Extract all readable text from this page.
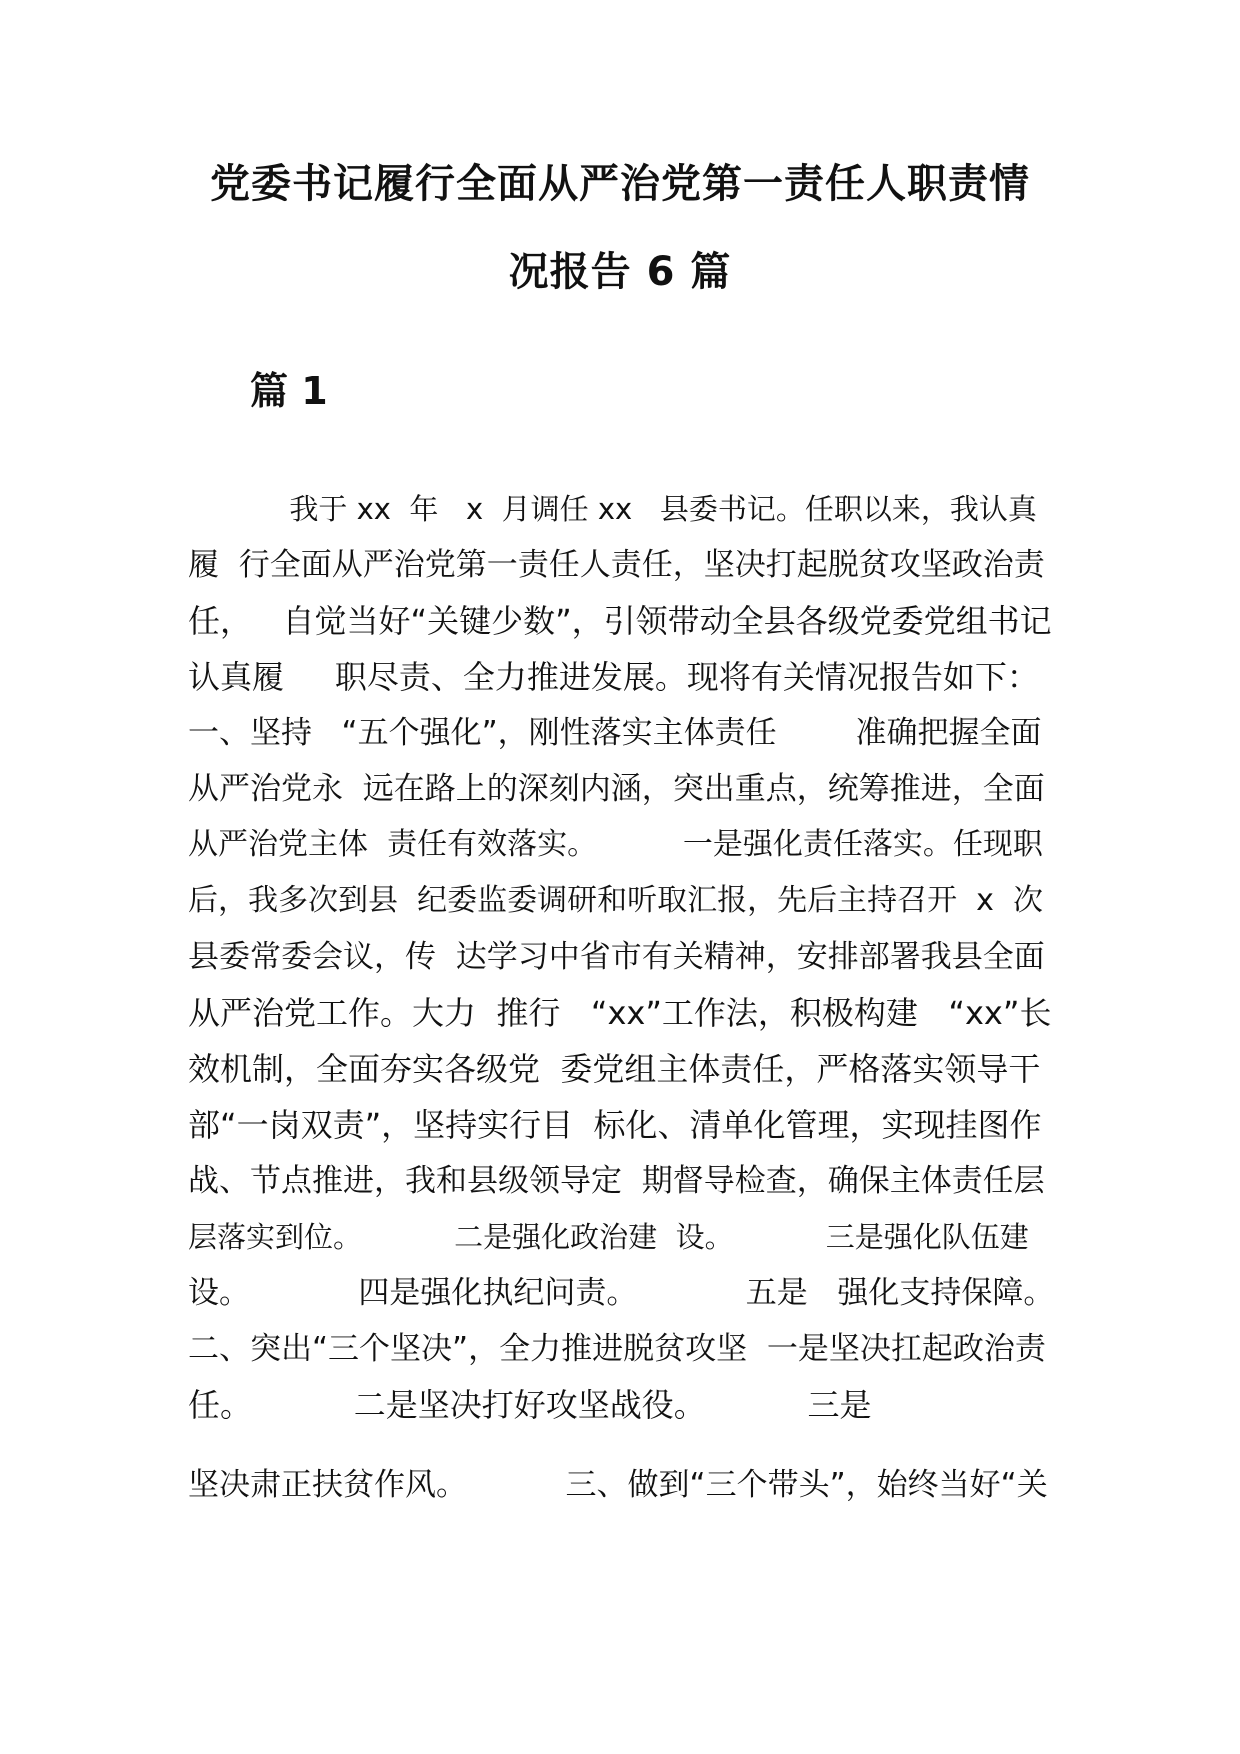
党委书记履行全面从严治党第一责任人职责情
况报告 6 篇
篇 1
我于 xx  年   x  月调任 xx   县委书记。任职以来，我认真
履  行全面从严治党第一责任人责任，坚决打起脱贫攻坚政治责
任，   自觉当好“关键少数”，引领带动全县各级党委党组书记
认真履     职尽责、全力推进发展。现将有关情况报告如下：
一、坚持   “五个强化”，刚性落实主体责任        准确把握全面
从严治党永  远在路上的深刻内涵，突出重点，统筹推进，全面
从严治党主体  责任有效落实。         一是强化责任落实。任现职
后，我多次到县  纪委监委调研和听取汇报，先后主持召开  x  次
县委常委会议，传  达学习中省市有关精神，安排部署我县全面
从严治党工作。大力  推行   “xx”工作法，积极构建   “xx”长
效机制，全面夯实各级党  委党组主体责任，严格落实领导干
部“一岗双责”，坚持实行目  标化、清单化管理，实现挂图作
战、节点推进，我和县级领导定  期督导检查，确保主体责任层
层落实到位。          二是强化政治建  设。          三是强化队伍建
设。           四是强化执纪问责。           五是   强化支持保障。
二、突出“三个坚决”，全力推进脱贫攻坚  一是坚决扛起政治责
任。          二是坚决打好攻坚战役。          三是
坚决肃正扶贫作风。          三、做到“三个带头”，始终当好“关
